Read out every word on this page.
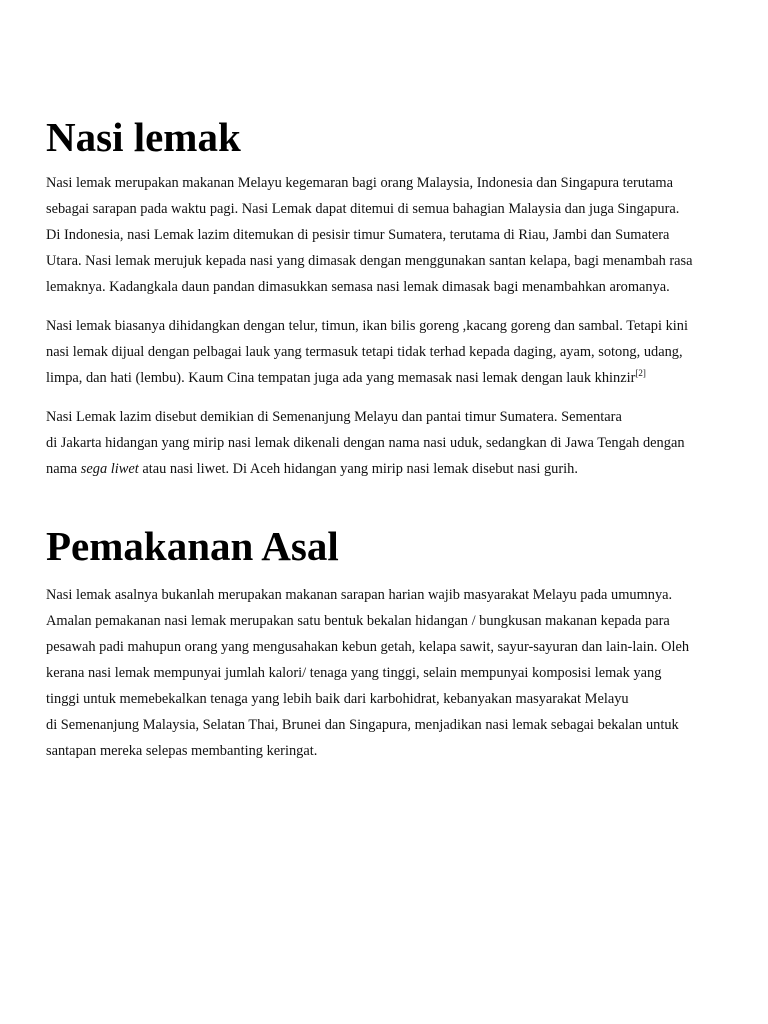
Nasi lemak

Nasi lemak merupakan makanan Melayu kegemaran bagi orang Malaysia, Indonesia dan Singapura terutama
sebagai sarapan pada waktu pagi. Nasi Lemak dapat ditemui di semua bahagian Malaysia dan juga Singapura.
Di Indonesia, nasi Lemak lazim ditemukan di pesisir timur Sumatera, terutama di Riau, Jambi dan Sumatera
Utara. Nasi lemak merujuk kepada nasi yang dimasak dengan menggunakan santan kelapa, bagi menambah rasa
lemaknya. Kadangkala daun pandan dimasukkan semasa nasi lemak dimasak bagi menambahkan aromanya.

Nasi lemak biasanya dihidangkan dengan telur, timun, ikan bilis goreng ,kacang goreng dan sambal. Tetapi kini
nasi lemak dijual dengan pelbagai lauk yang termasuk tetapi tidak terhad kepada daging, ayam, sotong, udang,
limpa, dan hati (lembu). Kaum Cina tempatan juga ada yang memasak nasi lemak dengan lauk khinzir[2]

Nasi Lemak lazim disebut demikian di Semenanjung Melayu dan pantai timur Sumatera. Sementara
di Jakarta hidangan yang mirip nasi lemak dikenali dengan nama nasi uduk, sedangkan di Jawa Tengah dengan
nama sega liwet atau nasi liwet. Di Aceh hidangan yang mirip nasi lemak disebut nasi gurih.

Pemakanan Asal

Nasi lemak asalnya bukanlah merupakan makanan sarapan harian wajib masyarakat Melayu pada umumnya.
Amalan pemakanan nasi lemak merupakan satu bentuk bekalan hidangan / bungkusan makanan kepada para
pesawah padi mahupun orang yang mengusahakan kebun getah, kelapa sawit, sayur-sayuran dan lain-lain. Oleh
kerana nasi lemak mempunyai jumlah kalori/ tenaga yang tinggi, selain mempunyai komposisi lemak yang
tinggi untuk memebekalkan tenaga yang lebih baik dari karbohidrat, kebanyakan masyarakat Melayu
di Semenanjung Malaysia, Selatan Thai, Brunei dan Singapura, menjadikan nasi lemak sebagai bekalan untuk
santapan mereka selepas membanting keringat.
